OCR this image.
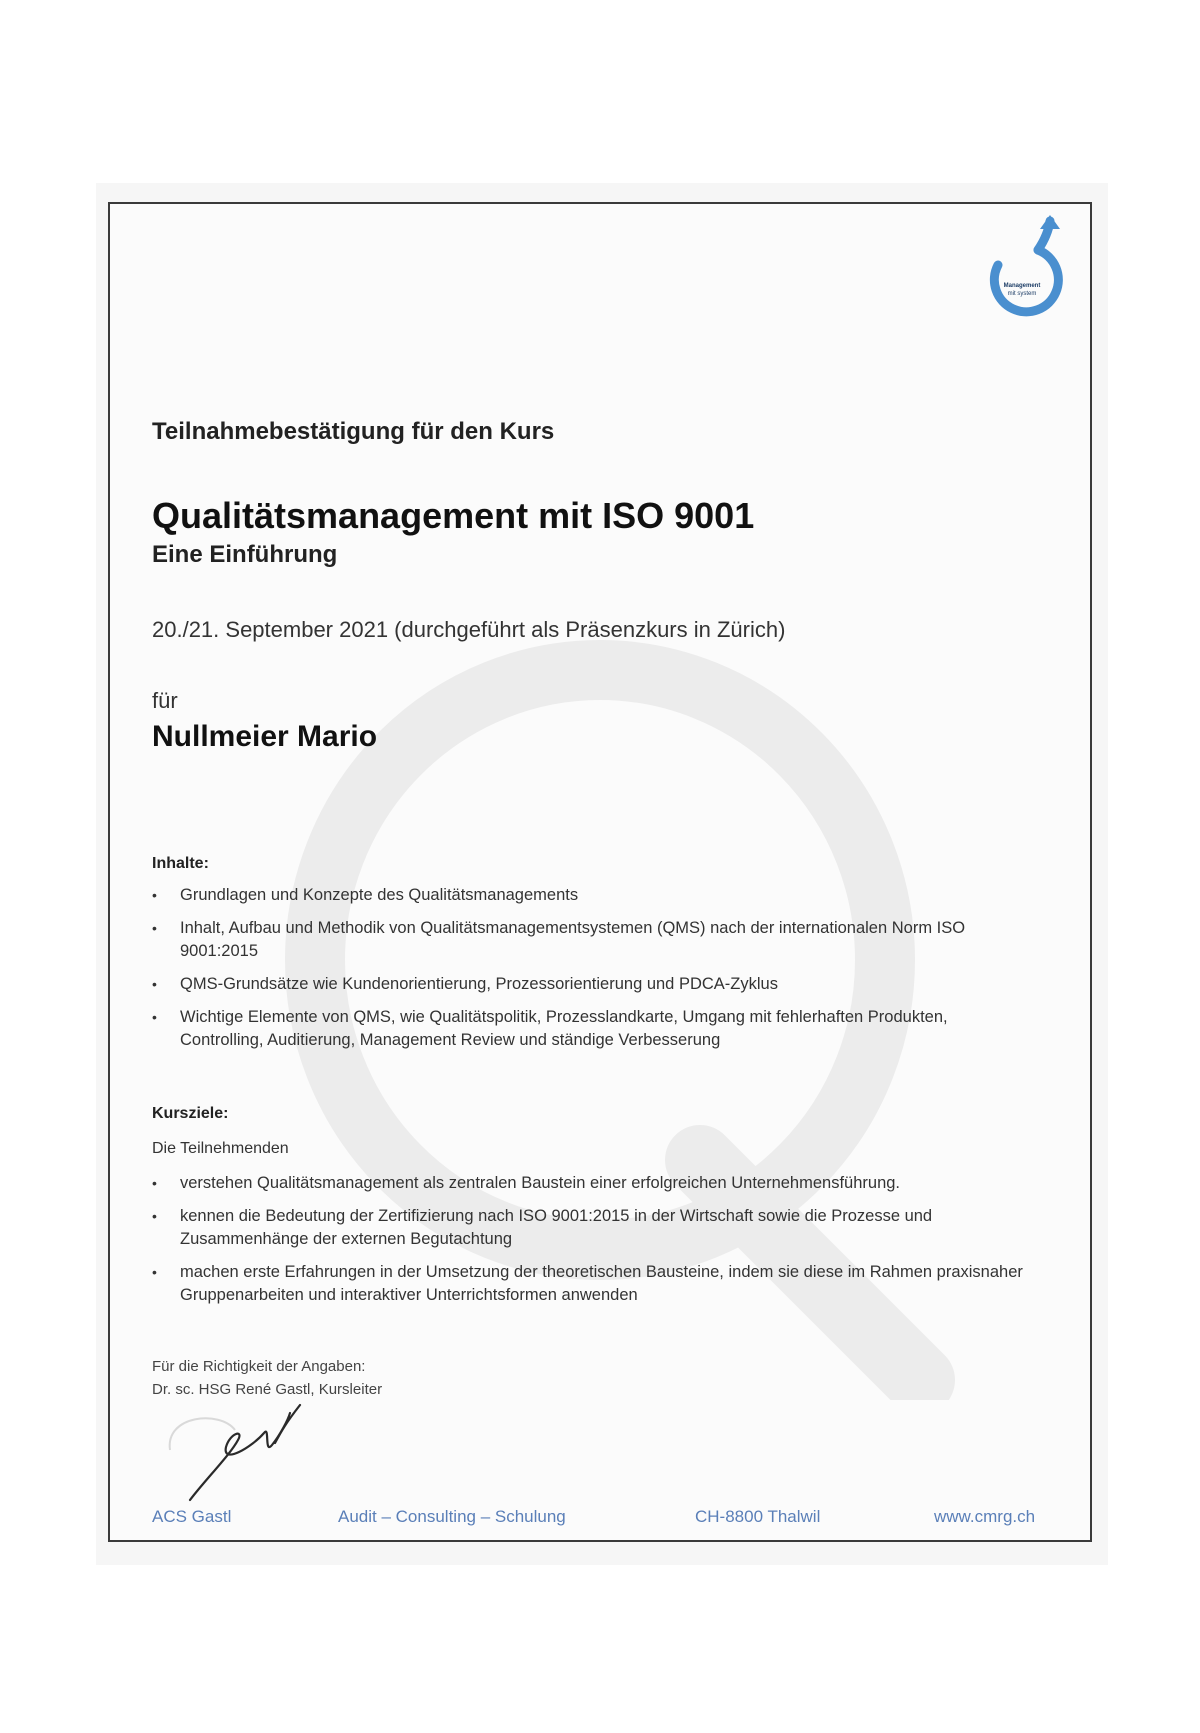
Management
mit system
Teilnahmebestätigung für den Kurs
Qualitätsmanagement mit ISO 9001
Eine Einführung
20./21. September 2021 (durchgeführt als Präsenzkurs in Zürich)
für
Nullmeier Mario
Inhalte:
• Grundlagen und Konzepte des Qualitätsmanagements
• Inhalt, Aufbau und Methodik von Qualitätsmanagementsystemen (QMS) nach der internationalen Norm ISO 9001:2015
• QMS-Grundsätze wie Kundenorientierung, Prozessorientierung und PDCA-Zyklus
• Wichtige Elemente von QMS, wie Qualitätspolitik, Prozesslandkarte, Umgang mit fehlerhaften Produkten, Controlling, Auditierung, Management Review und ständige Verbesserung
Kursziele:
Die Teilnehmenden
• verstehen Qualitätsmanagement als zentralen Baustein einer erfolgreichen Unternehmensführung.
• kennen die Bedeutung der Zertifizierung nach ISO 9001:2015 in der Wirtschaft sowie die Prozesse und Zusammenhänge der externen Begutachtung
• machen erste Erfahrungen in der Umsetzung der theoretischen Bausteine, indem sie diese im Rahmen praxisnaher Gruppenarbeiten und interaktiver Unterrichtsformen anwenden
Für die Richtigkeit der Angaben:
Dr. sc. HSG René Gastl, Kursleiter
ACS Gastl	Audit – Consulting – Schulung	CH-8800 Thalwil	www.cmrg.ch
